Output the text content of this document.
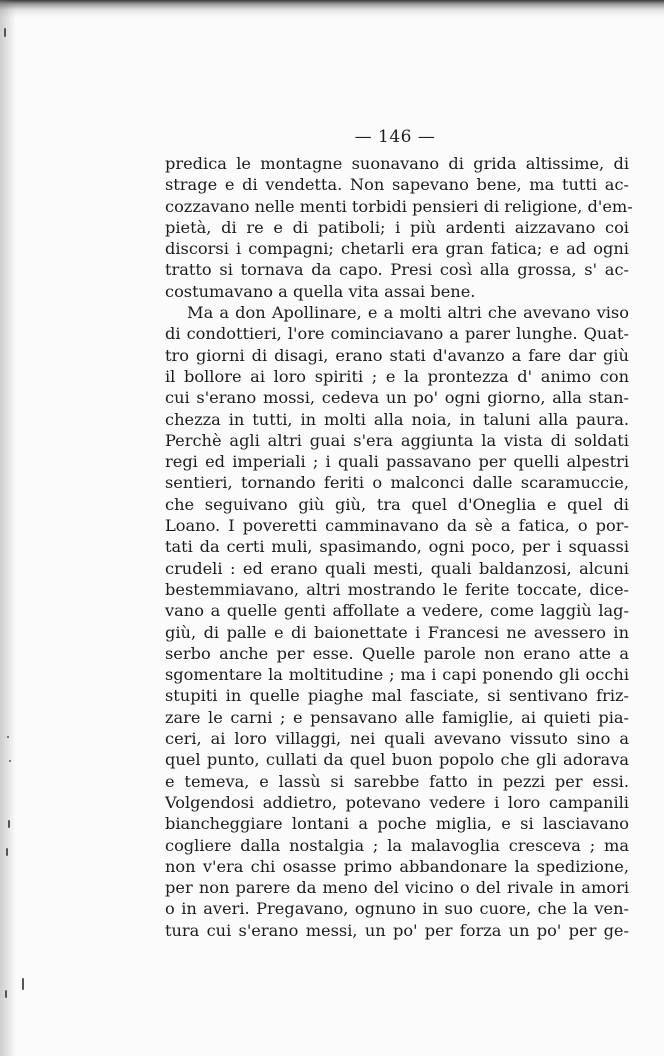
— 146 —
predica le montagne suonavano di grida altissime, di
strage e di vendetta. Non sapevano bene, ma tutti ac-
cozzavano nelle menti torbidi pensieri di religione, d'em-
pietà, di re e di patiboli; i più ardenti aizzavano coi
discorsi i compagni; chetarli era gran fatica; e ad ogni
tratto si tornava da capo. Presi così alla grossa, s' ac-
costumavano a quella vita assai bene.
Ma a don Apollinare, e a molti altri che avevano viso
di condottieri, l'ore cominciavano a parer lunghe. Quat-
tro giorni di disagi, erano stati d'avanzo a fare dar giù
il bollore ai loro spiriti ; e la prontezza d' animo con
cui s'erano mossi, cedeva un po' ogni giorno, alla stan-
chezza in tutti, in molti alla noia, in taluni alla paura.
Perchè agli altri guai s'era aggiunta la vista di soldati
regi ed imperiali ; i quali passavano per quelli alpestri
sentieri, tornando feriti o malconci dalle scaramuccie,
che seguivano giù giù, tra quel d'Oneglia e quel di
Loano. I poveretti camminavano da sè a fatica, o por-
tati da certi muli, spasimando, ogni poco, per i squassi
crudeli : ed erano quali mesti, quali baldanzosi, alcuni
bestemmiavano, altri mostrando le ferite toccate, dice-
vano a quelle genti affollate a vedere, come laggiù lag-
giù, di palle e di baionettate i Francesi ne avessero in
serbo anche per esse. Quelle parole non erano atte a
sgomentare la moltitudine ; ma i capi ponendo gli occhi
stupiti in quelle piaghe mal fasciate, si sentivano friz-
zare le carni ; e pensavano alle famiglie, ai quieti pia-
ceri, ai loro villaggi, nei quali avevano vissuto sino a
quel punto, cullati da quel buon popolo che gli adorava
e temeva, e lassù si sarebbe fatto in pezzi per essi.
Volgendosi addietro, potevano vedere i loro campanili
biancheggiare lontani a poche miglia, e si lasciavano
cogliere dalla nostalgia ; la malavoglia cresceva ; ma
non v'era chi osasse primo abbandonare la spedizione,
per non parere da meno del vicino o del rivale in amori
o in averi. Pregavano, ognuno in suo cuore, che la ven-
tura cui s'erano messi, un po' per forza un po' per ge-
